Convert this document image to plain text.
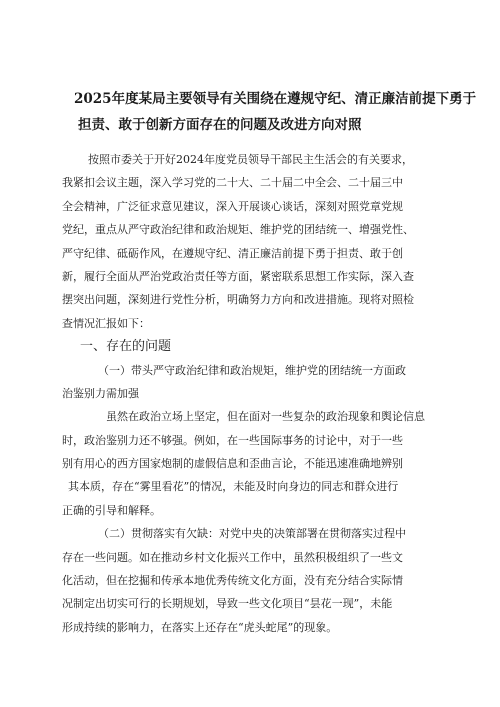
2025年度某局主要领导有关围绕在遵规守纪、清正廉洁前提下勇于
担责、敢于创新方面存在的问题及改进方向对照
按照市委关于开好2024年度党员领导干部民主生活会的有关要求，
我紧扣会议主题，深入学习党的二十大、二十届二中全会、二十届三中
全会精神，广泛征求意见建议，深入开展谈心谈话，深刻对照党章党规
党纪，重点从严守政治纪律和政治规矩、维护党的团结统一、增强党性、
严守纪律、砥砺作风，在遵规守纪、清正廉洁前提下勇于担责、敢于创
新，履行全面从严治党政治责任等方面，紧密联系思想工作实际，深入查
摆突出问题，深刻进行党性分析，明确努力方向和改进措施。现将对照检
查情况汇报如下：
一、存在的问题
（一）带头严守政治纪律和政治规矩，维护党的团结统一方面政
治鉴别力需加强
虽然在政治立场上坚定，但在面对一些复杂的政治现象和舆论信息
时，政治鉴别力还不够强。例如，在一些国际事务的讨论中，对于一些
别有用心的西方国家炮制的虚假信息和歪曲言论，不能迅速准确地辨别
其本质，存在“雾里看花”的情况，未能及时向身边的同志和群众进行
正确的引导和解释。
（二）贯彻落实有欠缺：对党中央的决策部署在贯彻落实过程中
存在一些问题。如在推动乡村文化振兴工作中，虽然积极组织了一些文
化活动，但在挖掘和传承本地优秀传统文化方面，没有充分结合实际情
况制定出切实可行的长期规划，导致一些文化项目“昙花一现”，未能
形成持续的影响力，在落实上还存在“虎头蛇尾”的现象。
